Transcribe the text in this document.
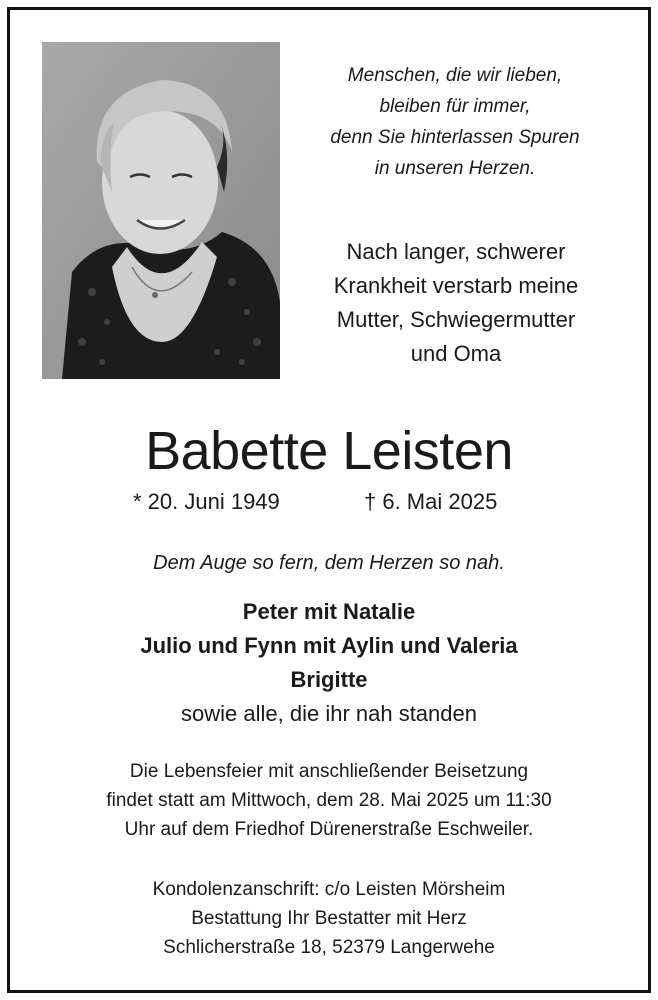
Menschen, die wir lieben,
bleiben für immer,
denn Sie hinterlassen Spuren
in unseren Herzen.
Nach langer, schwerer
Krankheit verstarb meine
Mutter, Schwiegermutter
und Oma
Babette Leisten
* 20. Juni 1949	† 6. Mai 2025
Dem Auge so fern, dem Herzen so nah.
Peter mit Natalie
Julio und Fynn mit Aylin und Valeria
Brigitte
sowie alle, die ihr nah standen
Die Lebensfeier mit anschließender Beisetzung
findet statt am Mittwoch, dem 28. Mai 2025 um 11:30
Uhr auf dem Friedhof Dürenerstraße Eschweiler.
Kondolenzanschrift: c/o Leisten Mörsheim
Bestattung Ihr Bestatter mit Herz
Schlicherstraße 18, 52379 Langerwehe
